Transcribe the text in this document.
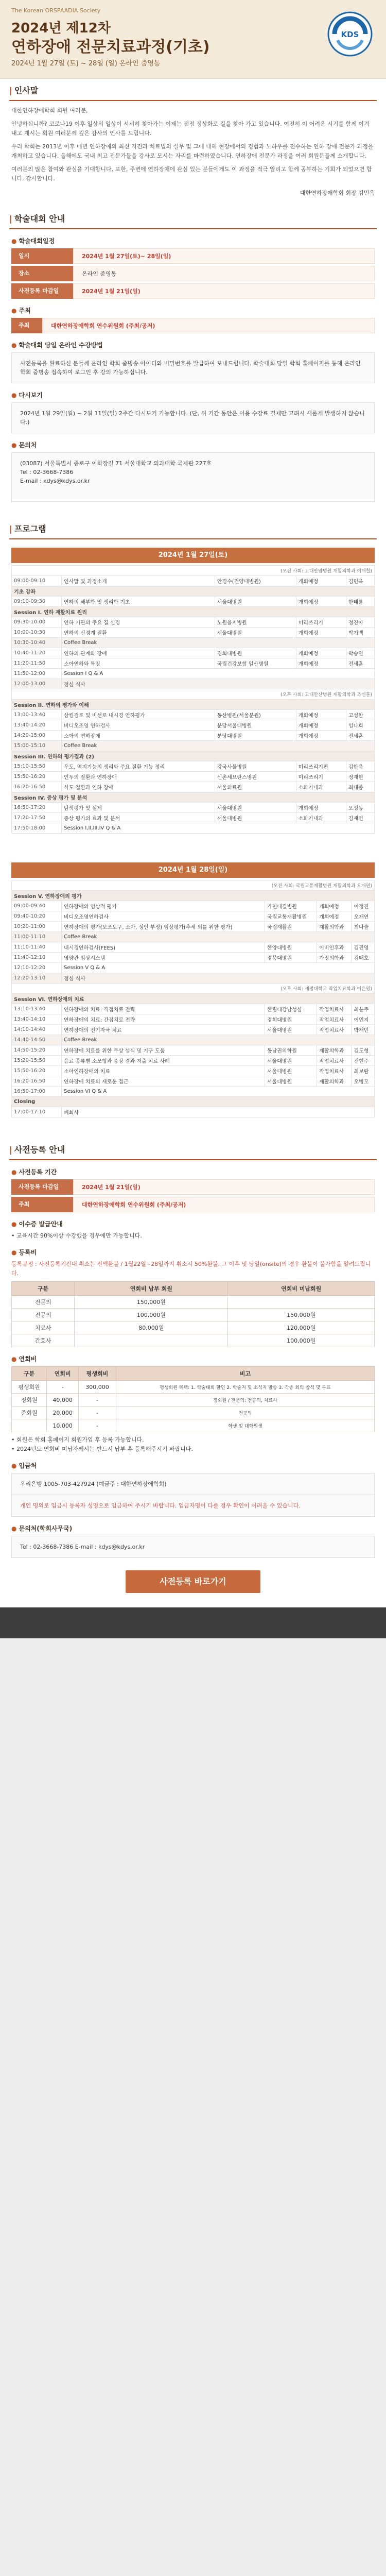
The Korean ORSPAADIA Society
2024년 제12차
연하장애 전문치료과정(기초)
2024년 1월 27일 (토) ~ 28일 (일) 온라인 줌영통
KDS
| 인사말
대한연하장애학회 회원 여러분,
안녕하십니까? 코로나19 이후 일상의 일상이 서서히 찾아가는 이제는 점점 정상화로 길을 찾아 가고 있습니다. 여전히 이 어려운 시기를 함께 이겨내고 계시는 회원 여러분께 깊은 감사의 인사를 드립니다.
우리 학회는 2013년 이후 매년 연하장애의 최신 지견과 치료법의 실무 및 그에 대해 현장에서의 경험과 노하우를 전수하는 연하 장애 전문가 과정을 개최하고 있습니다. 올해에도 국내 최고 전문가들을 강사로 모시는 자리를 마련하였습니다. 연하장애 전문가 과정을 여러 회원분들께 소개합니다.
여러분의 많은 참여와 관심을 기대합니다. 또한, 주변에 연하장애에 관심 있는 분들에게도 이 과정을 적극 알리고 함께 공부하는 기회가 되었으면 합니다. 감사합니다.
대한연하장애학회 회장 김민옥
| 학술대회 안내
● 학술대회일정
일시	2024년 1월 27일(토)~ 28일(일)
장소	온라인 줌영통
사전등록 마감일	2024년 1월 21일(일)
● 주최
주최	대한연하장애학회 연수위원회 (주최/공저)
● 학술대회 당일 온라인 수강방법
사전등록을 완료하신 분들께 온라인 학회 줌병송 아이디와 비밀번호를 발급하여 보내드립니다. 학술대회 당일 학회 홈페이지를 통해 온라인 학회 줌병송 접속하여 로그인 후 강의 가능하십니다.
● 다시보기
2024년 1월 29일(월) ~ 2월 11일(일) 2주간 다시보기 가능합니다. (단, 위 기간 동안은 이용 수강료 결제만 고려시 새롭게 발생하지 않습니다.)
● 문의처
(03087) 서울특별시 종로구 이화장길 71 서울대학교 의과대학 국제관 227호
Tel : 02-3668-7386
E-mail : kdys@kdys.or.kr
| 프로그램
2024년 1월 27일(토)
(오전 사회: 고대안암병원 재활의학과 이재철)				
09:00-09:10	인사말 및 과정소개	안경수(건양대병원)	개회예정	김민옥
기초 강좌				
09:10-09:30	연하의 해부학 및 생리학 기초	서울대병원	개회예정	한태륜
Session I. 연하 재활치료 원리				
09:30-10:00	연하 기관의 주요 질 신경	노원을지병원	미리쓰리기	정진아
10:00-10:30	연하의 신경계 질환	서울대병원	개회예정	박기백
10:30-10:40	Coffee Break			
10:40-11:20	연하의 단계와 장애	경희대병원	개회예정	박승민
11:20-11:50	소아연하와 특징	국립건강보험 일산병원	개회예정	전세훈
11:50-12:00	Session I Q & A			
12:00-13:00	점심 식사			
(오후 사회: 고대안산병원 재활의학과 조선훈)				
Session II. 연하의 평가와 이해				
13:00-13:40	삼킴검토 및 비선로 내시경 연하평가	동산병원(서울분원)	개회예정	고성한
13:40-14:20	비디오조영 연하검사	분당서울대병원	개회예정	임나희
14:20-15:00	소아의 연하장애	분당대병원	개회예정	전세훈
15:00-15:10	Coffee Break			
Session III. 연하의 평가결과 (2)				
15:10-15:50	우도, 역지기능의 생리와 주요 질환 기능 정리	강국사물병원	미리쓰리기편	김한욱
15:50-16:20	인두의 질환과 연하장애	신촌세브란스병원	미리쓰리기	정재현
16:20-16:50	식도 질환과 연하 장애	서울의료원	소화기내과	최대종
Session IV. 증상 평가 및 분석				
16:50-17:20	탐색평가 및 실제	서울대병원	개회예정	오성동
17:20-17:50	증상 평가의 효과 및 분석	서울대병원	소화기내과	김재연
17:50-18:00	Session I,II,III,IV Q & A			
2024년 1월 28일(일)
(오전 사회: 국립교통재활병원 재활의학과 오재연)				
Session V. 연하장애의 평가				
09:00-09:40	연하장애의 임상적 평가	가천대길병원	개회예정	이정진
09:40-10:20	비디오조영연하검사	국립교통재활병원	개회예정	오재연
10:20-11:00	연하장애의 평가(보조도구, 소아, 성인 부정) 임상평가(추세 외를 위한 평가)	국립재활원	재활의학과	최나슬
11:00-11:10	Coffee Break			
11:10-11:40	내시경연하검사(FEES)	한양대병원	이비인후과	김진영
11:40-12:10	영양관 임상시스템	경북대병원	가정의학과	김태호
12:10-12:20	Session V Q & A			
12:20-13:10	점심 식사			
(오후 사회: 세명대학교 작업치료학과 이은영)				
Session VI. 연하장애의 치료				
13:10-13:40	연하장애의 치료: 직접치료 전략	한림대강남성심	작업치료사	최윤주
13:40-14:10	연하장애의 치료: 간접치료 전략	경희대병원	작업치료사	이민지
14:10-14:40	연하장애의 전기자극 치료	서울대병원	작업치료사	박재민
14:40-14:50	Coffee Break			
14:50-15:20	연하장애 치료를 위한 무상 섭식 및 기구 도움	동남권의학원	재활의학과	김도형
15:20-15:50	음료 종류별 소모형과 증상 결과 저출 치료 사례	서울대병원	작업치료사	전현주
15:50-16:20	소아연하장애의 치료	서울대병원	작업치료사	최보람
16:20-16:50	연하장애 치료의 새로운 접근	서울대병원	재활의학과	오병모
16:50-17:00	Session VI Q & A			
Closing				
17:00-17:10	폐회사			
| 사전등록 안내
● 사전등록 기간
사전등록 마감일	2024년 1월 21일(일)
주최	대한연하장애학회 연수위원회 (주최/공저)
● 이수증 발급안내
• 교육시간 90%이상 수강했을 경우에만 가능합니다.
● 등록비
등록규정 : 사전등록기간내 취소는 전액환불 / 1월22일~28일까지 취소시 50%환불, 그 이후 및 당일(onsite)의 경우 환불이 불가함을 알려드립니다.
구분	연회비 납부 회원	연회비 미납회원
전문의	150,000원	
전공의	100,000원	150,000원
치료사	80,000원	120,000원
간호사		100,000원
● 연회비
구분	연회비	평생회비	비고
평생회원	-	300,000	평생회원 혜택: 1. 학술대회 할인 2. 학술지 및 소식지 발송 3. 각종 회의 참석 및 투표
정회원	40,000	-	정회원 / 전문의: 전공의, 치료사
준회원	20,000	-	전공의
	10,000	-	학생 및 대학원생
• 회원은 학회 홈페이지 회원가입 후 등록 가능합니다.
• 2024년도 연회비 미납자께서는 반드시 납부 후 등록해주시기 바랍니다.
● 입금처
우리은행 1005-703-427924 (예금주 : 대한연하장애학회)
개인 명의로 입금시 등록자 성명으로 입금하여 주시기 바랍니다. 입금자명이 다를 경우 확인이 어려울 수 있습니다.
● 문의처(학회사무국)
Tel : 02-3668-7386 E-mail : kdys@kdys.or.kr
사전등록 바로가기
